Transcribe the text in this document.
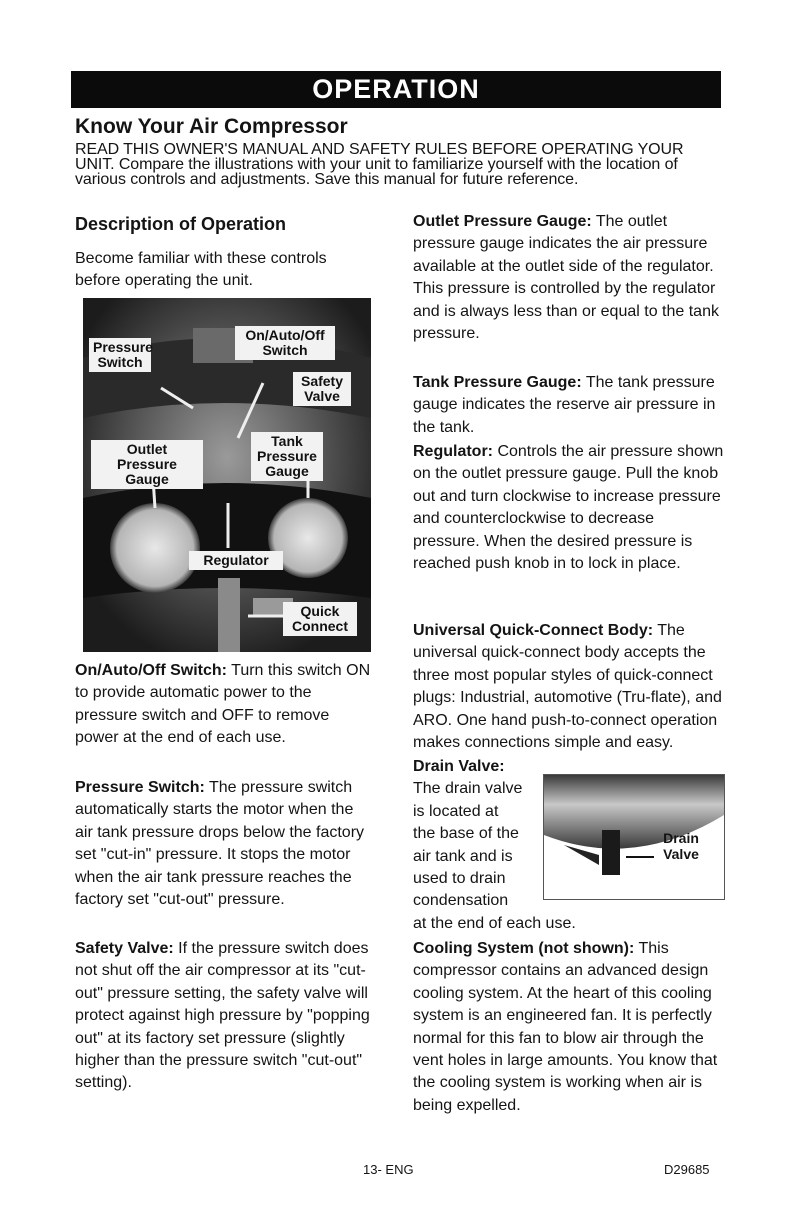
OPERATION
Know Your Air Compressor

READ THIS OWNER'S MANUAL AND SAFETY RULES BEFORE OPERATING YOUR UNIT. Compare the illustrations with your unit to familiarize yourself with the location of various controls and adjustments. Save this manual for future reference.

Description of Operation

Become familiar with these controls before operating the unit.

Pressure Switch
On/Auto/Off Switch
Safety Valve
Outlet Pressure Gauge
Tank Pressure Gauge
Regulator
Quick Connect

On/Auto/Off Switch: Turn this switch ON to provide automatic power to the pressure switch and OFF to remove power at the end of each use.

Pressure Switch: The pressure switch automatically starts the motor when the air tank pressure drops below the factory set "cut-in" pressure. It stops the motor when the air tank pressure reaches the factory set "cut-out" pressure.

Safety Valve: If the pressure switch does not shut off the air compressor at its "cut-out" pressure setting, the safety valve will protect against high pressure by "popping out" at its factory set pressure (slightly higher than the pressure switch "cut-out" setting).

Outlet Pressure Gauge: The outlet pressure gauge indicates the air pressure available at the outlet side of the regulator. This pressure is controlled by the regulator and is always less than or equal to the tank pressure.

Tank Pressure Gauge: The tank pressure gauge indicates the reserve air pressure in the tank.

Regulator: Controls the air pressure shown on the outlet pressure gauge. Pull the knob out and turn clockwise to increase pressure and counterclockwise to decrease pressure. When the desired pressure is reached push knob in to lock in place.

Universal Quick-Connect Body: The universal quick-connect body accepts the three most popular styles of quick-connect plugs: Industrial, automotive (Tru-flate), and ARO. One hand push-to-connect operation makes connections simple and easy.

Drain Valve:
The drain valve
is located at
the base of the
air tank and is
used to drain
condensation
at the end of each use.

Cooling System (not shown): This compressor contains an advanced design cooling system. At the heart of this cooling system is an engineered fan. It is perfectly normal for this fan to blow air through the vent holes in large amounts. You know that the cooling system is working when air is being expelled.

Drain Valve
13- ENG	D29685
